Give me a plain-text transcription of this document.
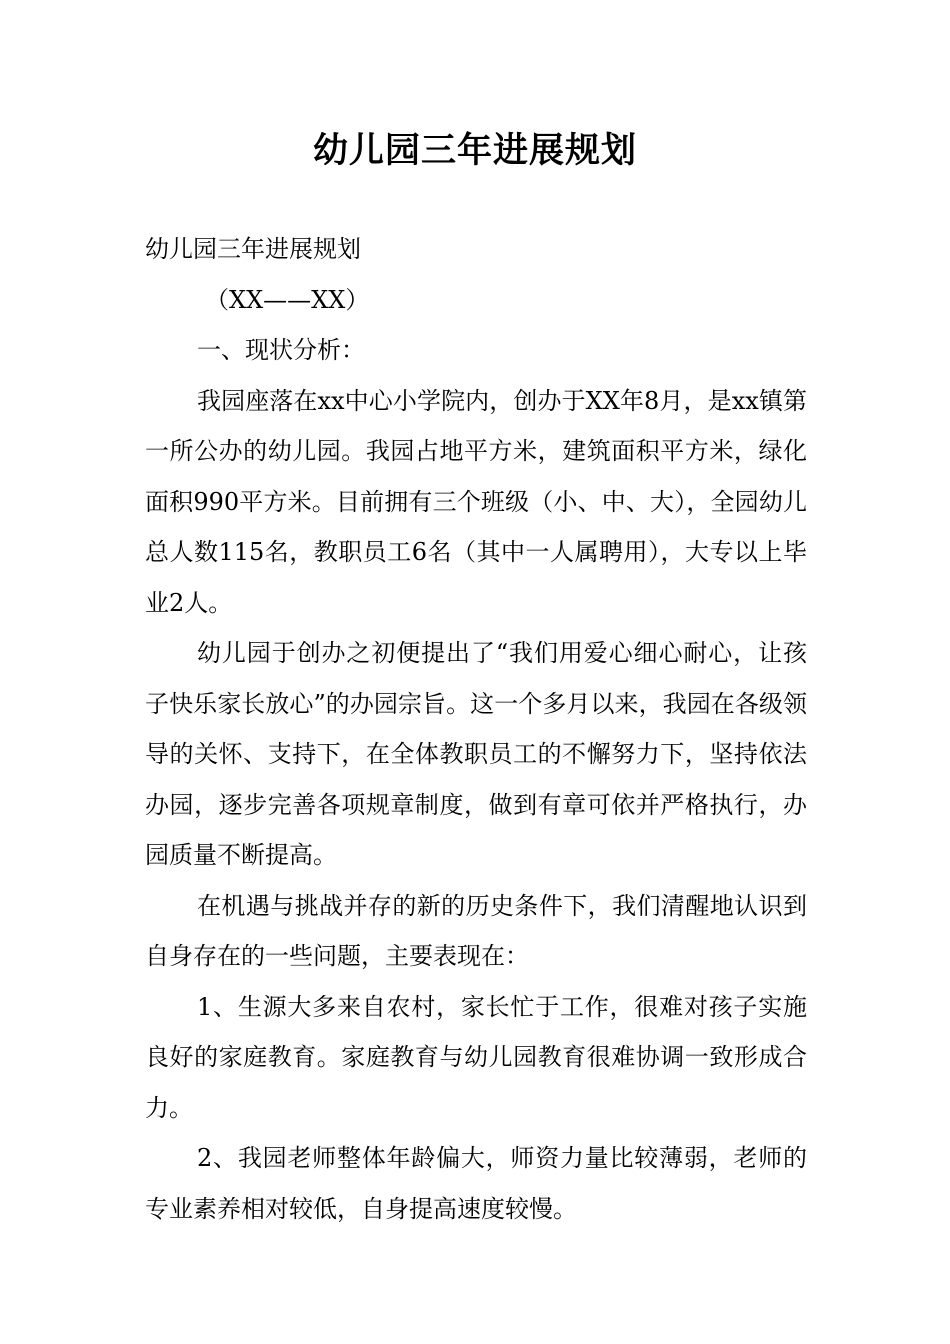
幼儿园三年进展规划

幼儿园三年进展规划

（XX——XX）

一、现状分析：

我园座落在xx中心小学院内，创办于XX年8月，是xx镇第一所公办的幼儿园。我园占地平方米，建筑面积平方米，绿化面积990平方米。目前拥有三个班级（小、中、大），全园幼儿总人数115名，教职员工6名（其中一人属聘用），大专以上毕业2人。

幼儿园于创办之初便提出了“我们用爱心细心耐心，让孩子快乐家长放心”的办园宗旨。这一个多月以来，我园在各级领导的关怀、支持下，在全体教职员工的不懈努力下，坚持依法办园，逐步完善各项规章制度，做到有章可依并严格执行，办园质量不断提高。

在机遇与挑战并存的新的历史条件下，我们清醒地认识到自身存在的一些问题，主要表现在：

1、生源大多来自农村，家长忙于工作，很难对孩子实施良好的家庭教育。家庭教育与幼儿园教育很难协调一致形成合力。

2、我园老师整体年龄偏大，师资力量比较薄弱，老师的专业素养相对较低，自身提高速度较慢。
